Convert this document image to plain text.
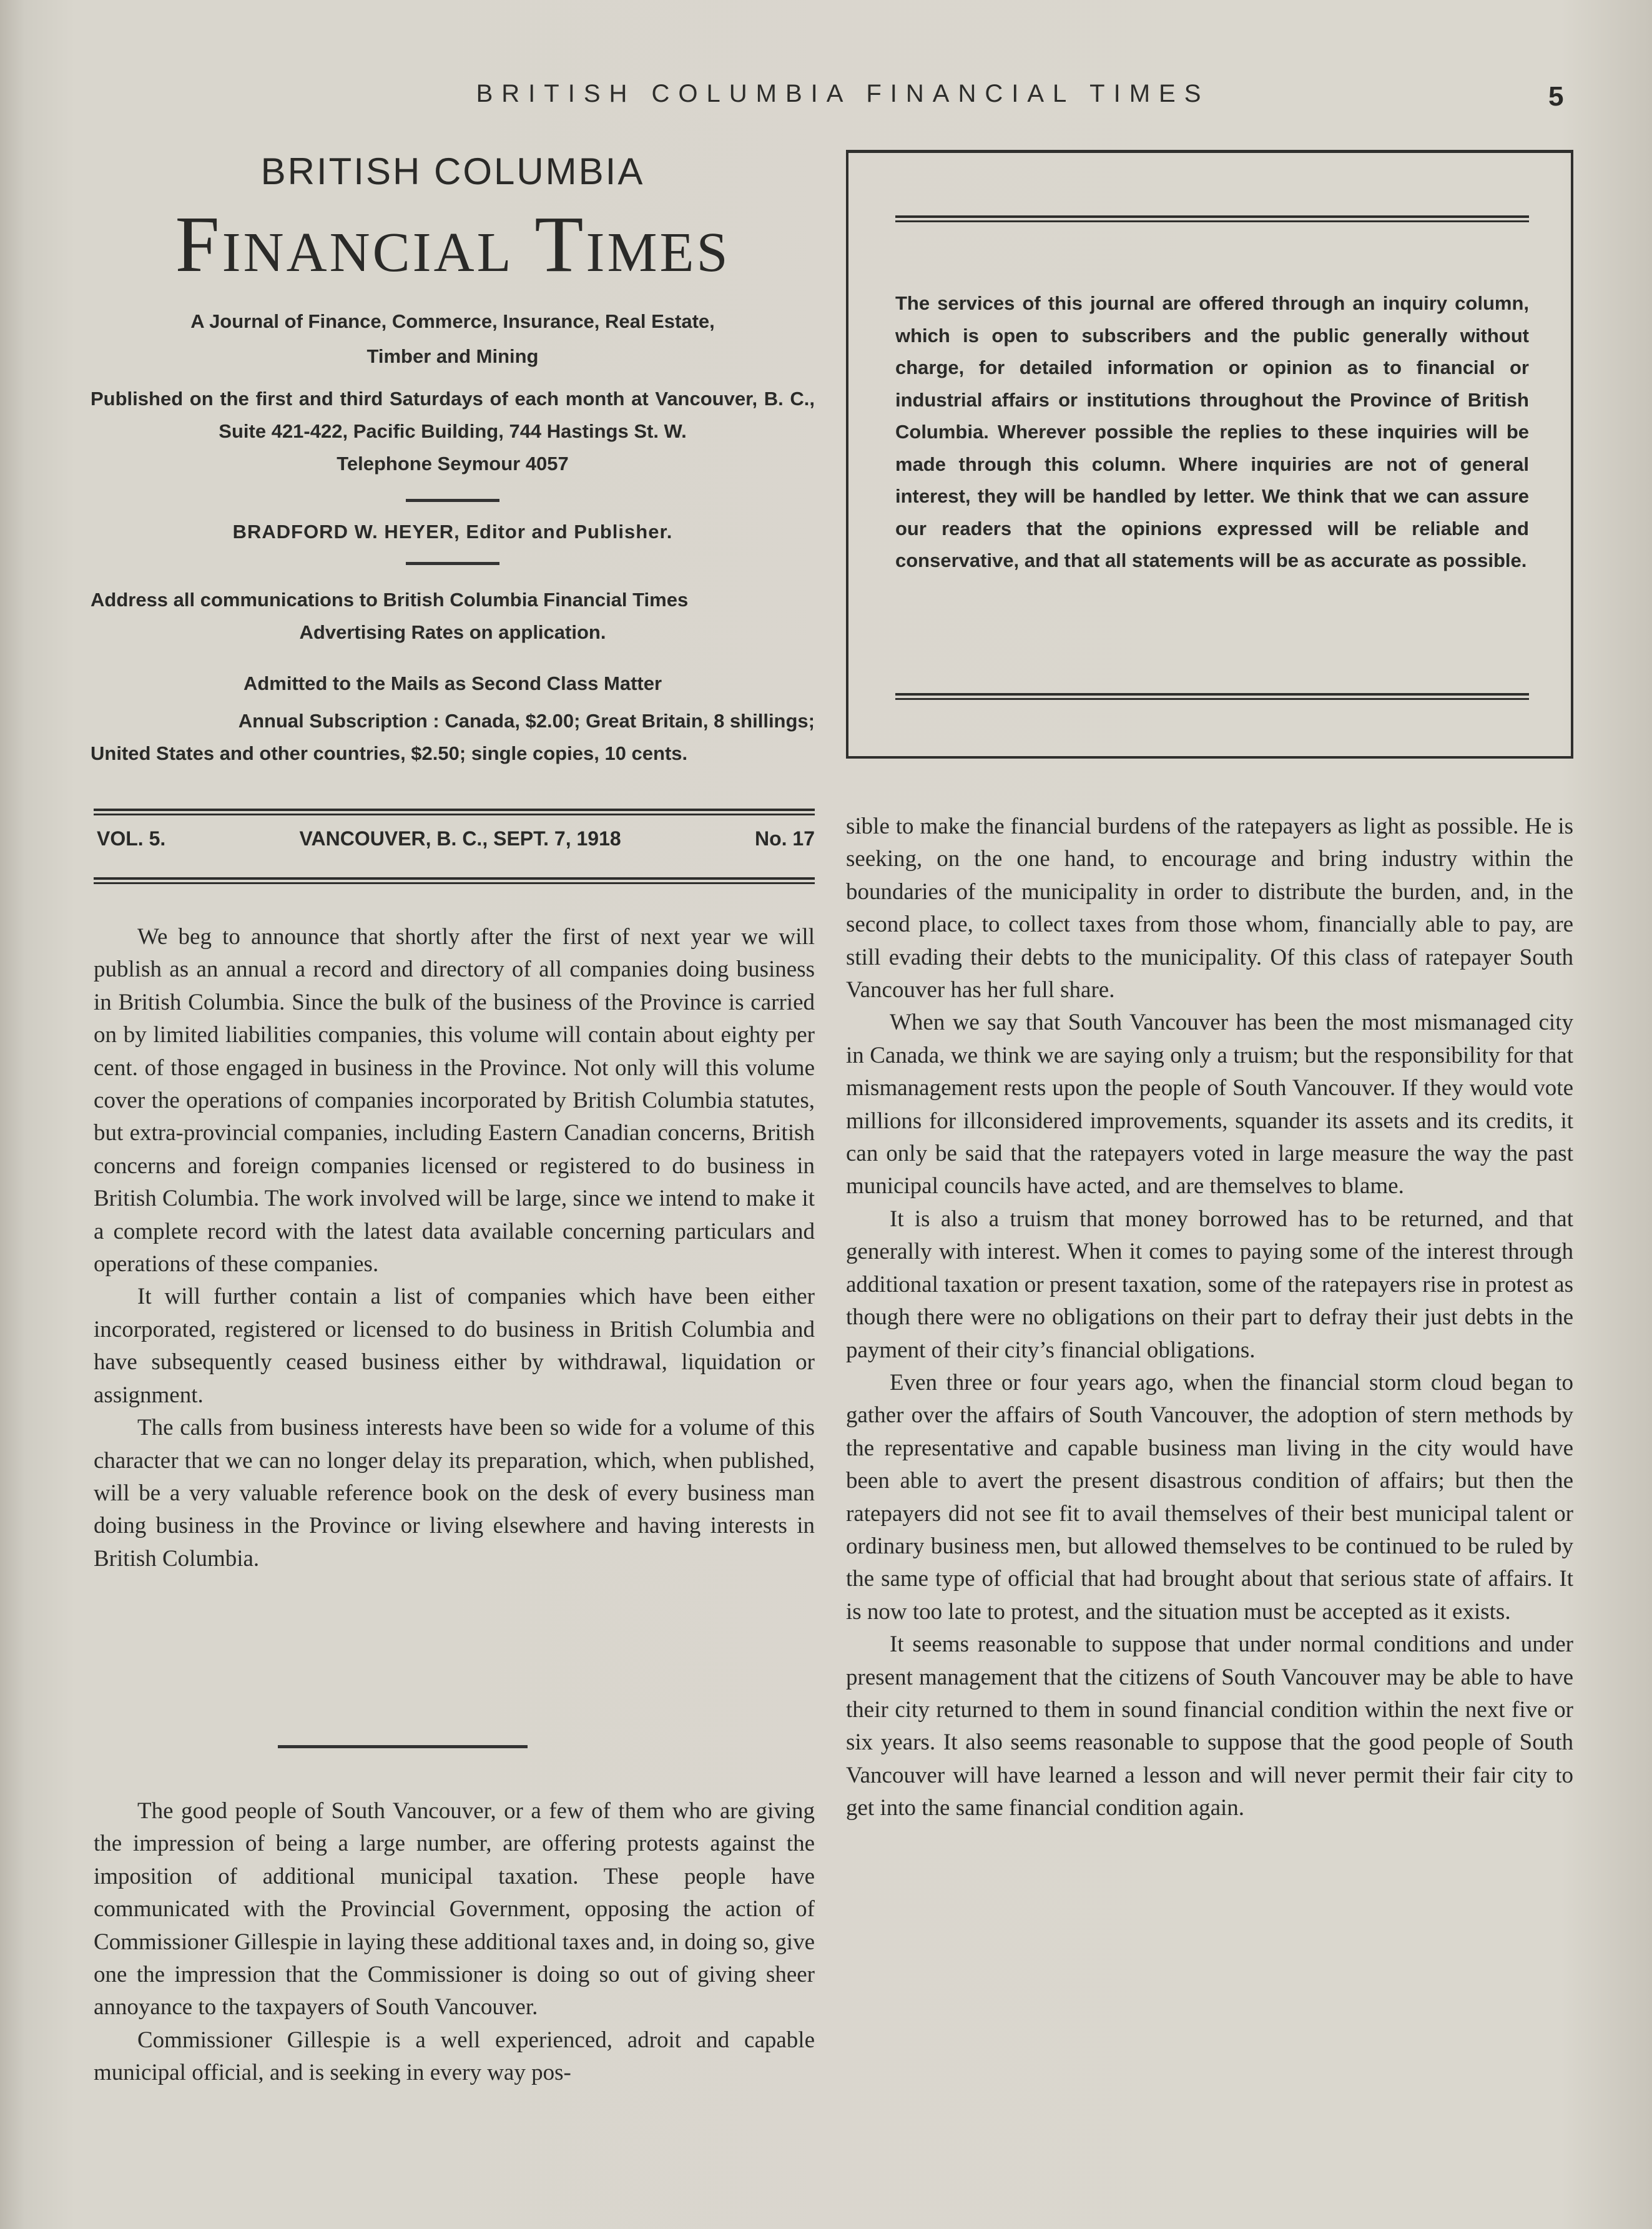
BRITISH COLUMBIA FINANCIAL TIMES	5
BRITISH COLUMBIA
Financial Times
A Journal of Finance, Commerce, Insurance, Real Estate,
Timber and Mining
Published on the first and third Saturdays of each month at Vancouver, B. C., Suite 421-422, Pacific Building, 744 Hastings St. W.
Telephone Seymour 4057
BRADFORD W. HEYER, Editor and Publisher.
Address all communications to British Columbia Financial Times
Advertising Rates on application.
Admitted to the Mails as Second Class Matter
Annual Subscription : Canada, $2.00; Great Britain, 8 shillings;
United States and other countries, $2.50; single copies, 10 cents.
VOL. 5.	VANCOUVER, B. C., SEPT. 7, 1918	No. 17
The services of this journal are offered through an inquiry column, which is open to subscribers and the public generally without charge, for detailed information or opinion as to financial or industrial affairs or institutions throughout the Province of British Columbia. Wherever possible the replies to these inquiries will be made through this column. Where inquiries are not of general interest, they will be handled by letter. We think that we can assure our readers that the opinions expressed will be reliable and conservative, and that all statements will be as accurate as possible.

We beg to announce that shortly after the first of next year we will publish as an annual a record and directory of all companies doing business in British Columbia. Since the bulk of the business of the Province is carried on by limited liabilities companies, this volume will contain about eighty per cent. of those engaged in business in the Province. Not only will this volume cover the operations of companies incorporated by British Columbia statutes, but extra-provincial companies, including Eastern Canadian concerns, British concerns and foreign companies licensed or registered to do business in British Columbia. The work involved will be large, since we intend to make it a complete record with the latest data available concerning particulars and operations of these companies.

It will further contain a list of companies which have been either incorporated, registered or licensed to do business in British Columbia and have subsequently ceased business either by withdrawal, liquidation or assignment.

The calls from business interests have been so wide for a volume of this character that we can no longer delay its preparation, which, when published, will be a very valuable reference book on the desk of every business man doing business in the Province or living elsewhere and having interests in British Columbia.

The good people of South Vancouver, or a few of them who are giving the impression of being a large number, are offering protests against the imposition of additional municipal taxation. These people have communicated with the Provincial Government, opposing the action of Commissioner Gillespie in laying these additional taxes and, in doing so, give one the impression that the Commissioner is doing so out of giving sheer annoyance to the taxpayers of South Vancouver.

Commissioner Gillespie is a well experienced, adroit and capable municipal official, and is seeking in every way pos-

sible to make the financial burdens of the ratepayers as light as possible. He is seeking, on the one hand, to encourage and bring industry within the boundaries of the municipality in order to distribute the burden, and, in the second place, to collect taxes from those whom, financially able to pay, are still evading their debts to the municipality. Of this class of ratepayer South Vancouver has her full share.

When we say that South Vancouver has been the most mismanaged city in Canada, we think we are saying only a truism; but the responsibility for that mismanagement rests upon the people of South Vancouver. If they would vote millions for illconsidered improvements, squander its assets and its credits, it can only be said that the ratepayers voted in large measure the way the past municipal councils have acted, and are themselves to blame.

It is also a truism that money borrowed has to be returned, and that generally with interest. When it comes to paying some of the interest through additional taxation or present taxation, some of the ratepayers rise in protest as though there were no obligations on their part to defray their just debts in the payment of their city’s financial obligations.

Even three or four years ago, when the financial storm cloud began to gather over the affairs of South Vancouver, the adoption of stern methods by the representative and capable business man living in the city would have been able to avert the present disastrous condition of affairs; but then the ratepayers did not see fit to avail themselves of their best municipal talent or ordinary business men, but allowed themselves to be continued to be ruled by the same type of official that had brought about that serious state of affairs. It is now too late to protest, and the situation must be accepted as it exists.

It seems reasonable to suppose that under normal conditions and under present management that the citizens of South Vancouver may be able to have their city returned to them in sound financial condition within the next five or six years. It also seems reasonable to suppose that the good people of South Vancouver will have learned a lesson and will never permit their fair city to get into the same financial condition again.
